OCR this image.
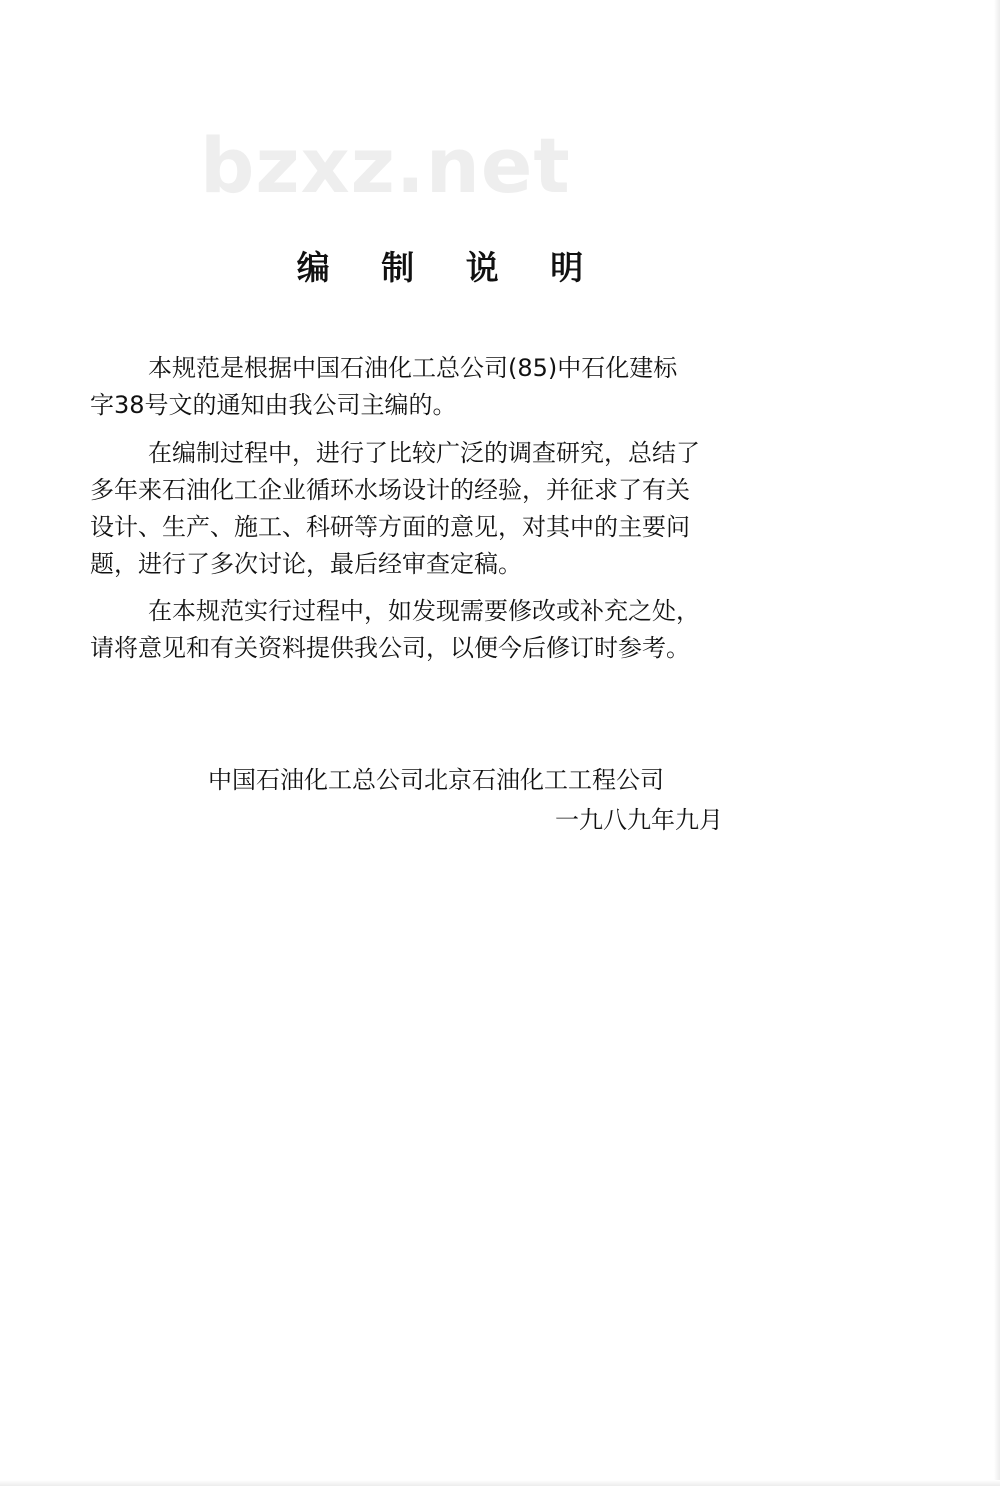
bzxz.net
编 制 说 明
本规范是根据中国石油化工总公司(85)中石化建标
字38号文的通知由我公司主编的。
在编制过程中，进行了比较广泛的调查研究，总结了
多年来石油化工企业循环水场设计的经验，并征求了有关
设计、生产、施工、科研等方面的意见，对其中的主要问
题，进行了多次讨论，最后经审查定稿。
在本规范实行过程中，如发现需要修改或补充之处，
请将意见和有关资料提供我公司，以便今后修订时参考。
中国石油化工总公司北京石油化工工程公司
一九八九年九月
